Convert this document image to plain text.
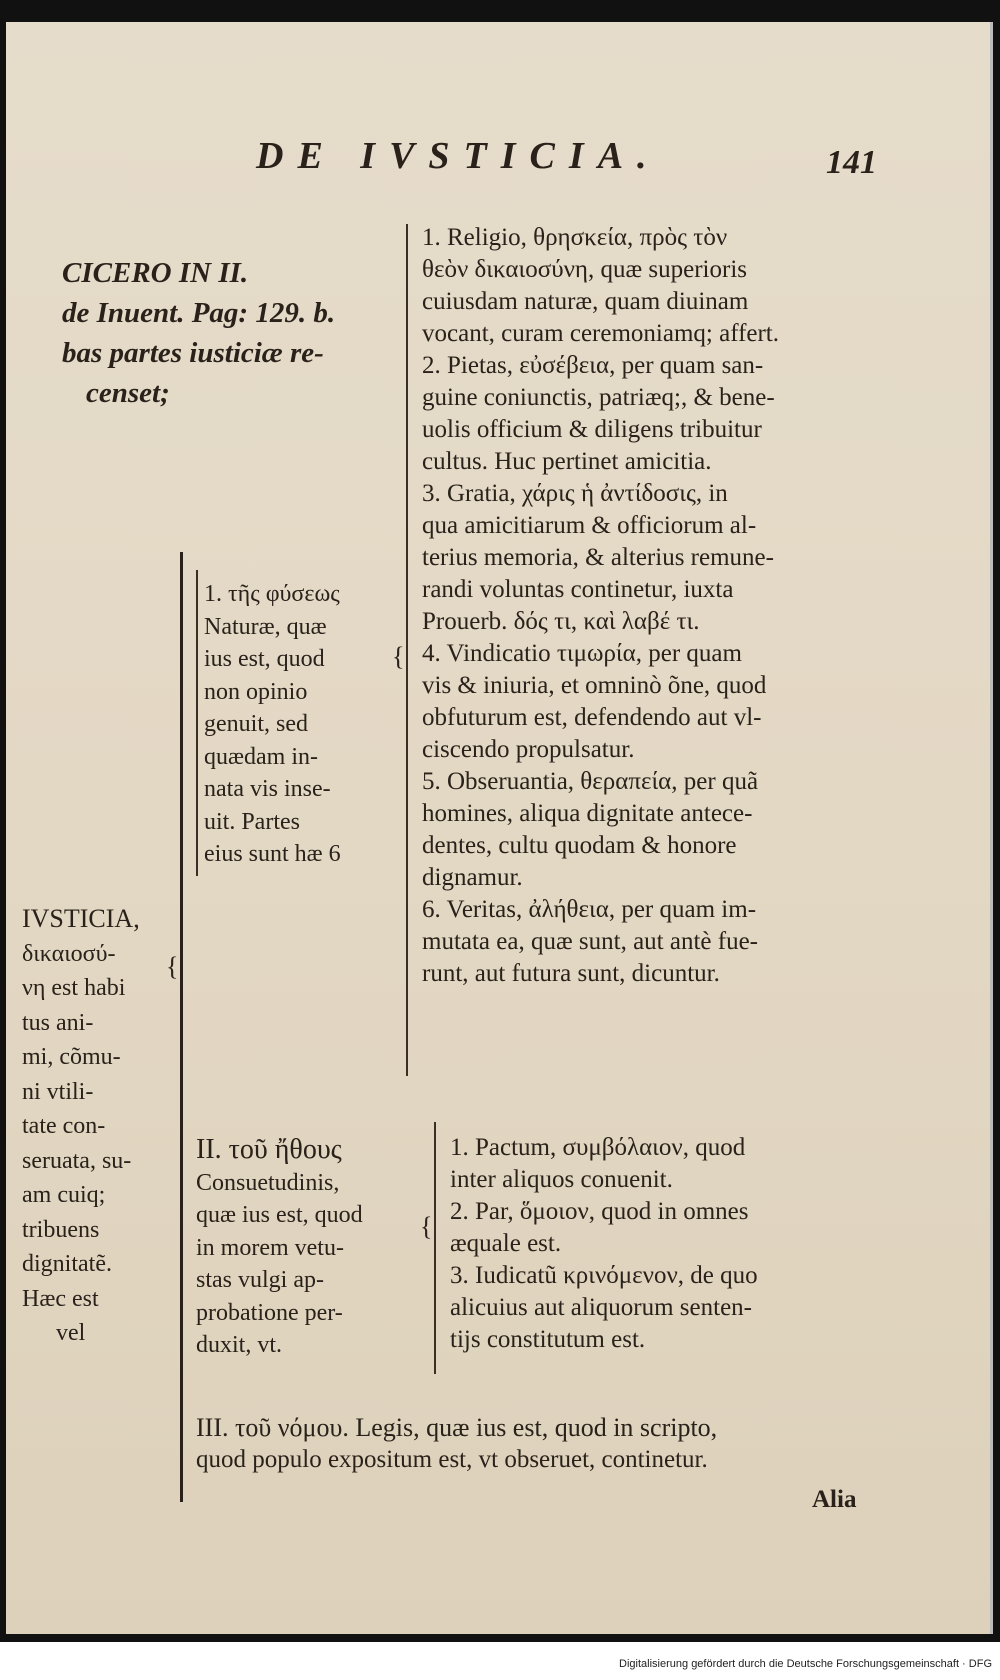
DE IVSTICIA.	141
CICERO IN II.
de Inuent. Pag: 129. b.
bas partes iusticiæ re-
censet;
IVSTICIA,
δικαιοσύ-
νη est habi
tus ani-
mi, cõmu-
ni vtili-
tate con-
seruata, su-
am cuiq;
tribuens
dignitatẽ.
Hæc est
vel
{
1. τῆς φύσεως
Naturæ, quæ
ius est, quod
non opinio
genuit, sed
quædam in-
nata vis inse-
uit. Partes
eius sunt hæ 6
{
1. Religio, θρησκεία, πρὸς τὸν
θεὸν δικαιοσύνη, quæ superioris
cuiusdam naturæ, quam diuinam
vocant, curam ceremoniamq; affert.
2. Pietas, εὐσέβεια, per quam san-
guine coniunctis, patriæq;, & bene-
uolis officium & diligens tribuitur
cultus. Huc pertinet amicitia.
3. Gratia, χάρις ἡ ἀντίδοσις, in
qua amicitiarum & officiorum al-
terius memoria, & alterius remune-
randi voluntas continetur, iuxta
Prouerb. δός τι, καὶ λαβέ τι.
4. Vindicatio τιμωρία, per quam
vis & iniuria, et omninò õne, quod
obfuturum est, defendendo aut vl-
ciscendo propulsatur.
5. Obseruantia, θεραπεία, per quã
homines, aliqua dignitate antece-
dentes, cultu quodam & honore
dignamur.
6. Veritas, ἀλήθεια, per quam im-
mutata ea, quæ sunt, aut antè fue-
runt, aut futura sunt, dicuntur.
II. τοῦ ἤθους
Consuetudinis,
quæ ius est, quod
in morem vetu-
stas vulgi ap-
probatione per-
duxit, vt.
{
1. Pactum, συμβόλαιον, quod
inter aliquos conuenit.
2. Par, ὅμοιον, quod in omnes
æquale est.
3. Iudicatũ κρινόμενον, de quo
alicuius aut aliquorum senten-
tijs constitutum est.
III. τοῦ νόμου. Legis, quæ ius est, quod in scripto,
quod populo expositum est, vt obseruet, continetur.
Alia
Digitalisierung gefördert durch die Deutsche Forschungsgemeinschaft · DFG
